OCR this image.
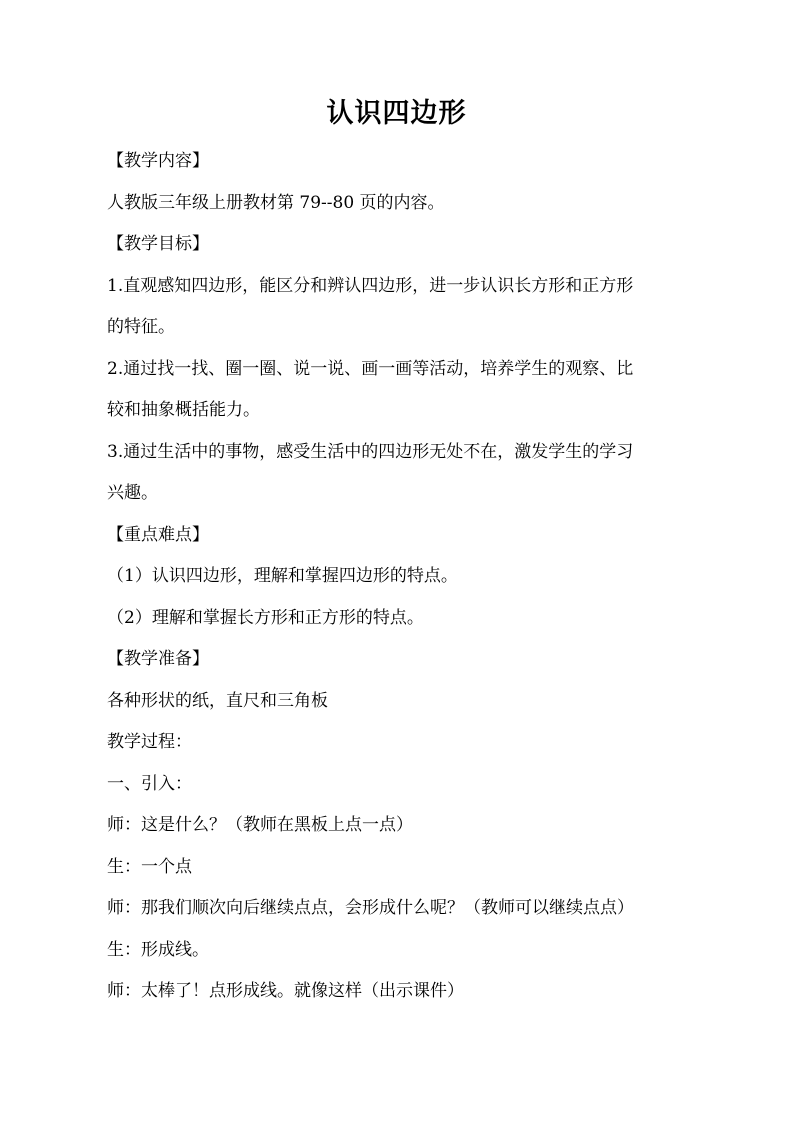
认识四边形
【教学内容】
人教版三年级上册教材第 79--80 页的内容。
【教学目标】
1.直观感知四边形，能区分和辨认四边形，进一步认识长方形和正方形
的特征。
2.通过找一找、圈一圈、说一说、画一画等活动，培养学生的观察、比
较和抽象概括能力。
3.通过生活中的事物，感受生活中的四边形无处不在，激发学生的学习
兴趣。
【重点难点】
（1）认识四边形，理解和掌握四边形的特点。
（2）理解和掌握长方形和正方形的特点。
【教学准备】
各种形状的纸，直尺和三角板
教学过程：
一、引入：
师：这是什么？（教师在黑板上点一点）
生：一个点
师：那我们顺次向后继续点点，会形成什么呢？（教师可以继续点点）
生：形成线。
师：太棒了！点形成线。就像这样（出示课件）
